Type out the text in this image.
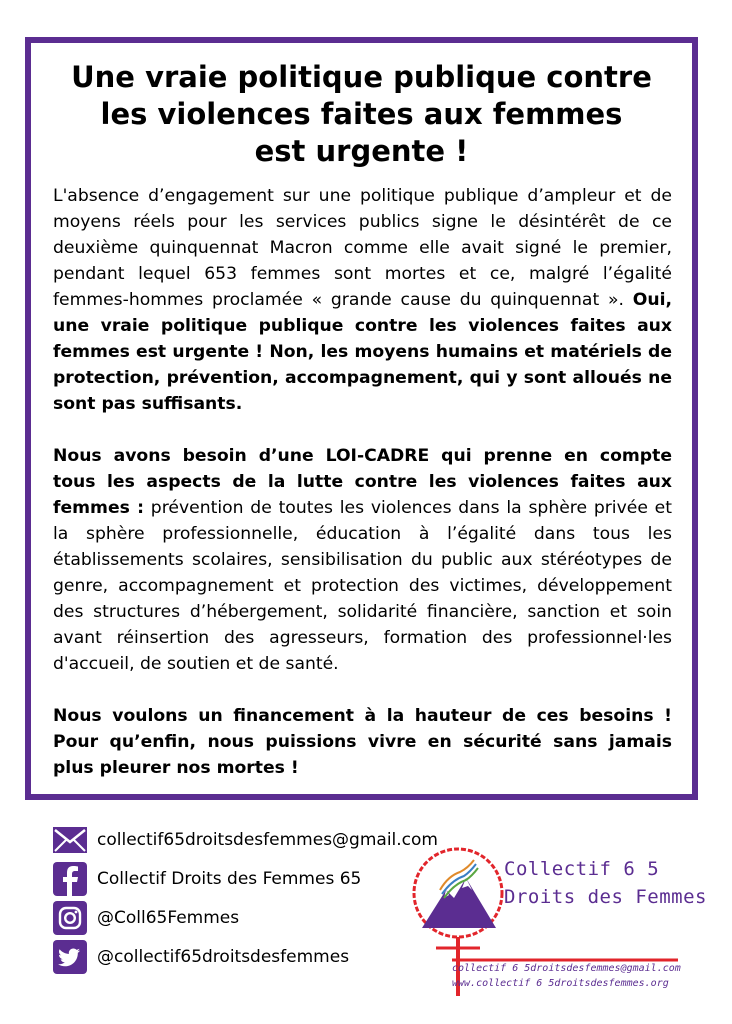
Une vraie politique publique contre les violences faites aux femmes est urgente !

L'absence d’engagement sur une politique publique d’ampleur et de moyens réels pour les services publics signe le désintérêt de ce deuxième quinquennat Macron comme elle avait signé le premier, pendant lequel 653 femmes sont mortes et ce, malgré l’égalité femmes-hommes proclamée « grande cause du quinquennat ». Oui, une vraie politique publique contre les violences faites aux femmes est urgente ! Non, les moyens humains et matériels de protection, prévention, accompagnement, qui y sont alloués ne sont pas suffisants.

Nous avons besoin d’une LOI-CADRE qui prenne en compte tous les aspects de la lutte contre les violences faites aux femmes : prévention de toutes les violences dans la sphère privée et la sphère professionnelle, éducation à l’égalité dans tous les établissements scolaires, sensibilisation du public aux stéréotypes de genre, accompagnement et protection des victimes, développement des structures d’hébergement, solidarité financière, sanction et soin avant réinsertion des agresseurs, formation des professionnel·les d'accueil, de soutien et de santé.

Nous voulons un financement à la hauteur de ces besoins ! Pour qu’enfin, nous puissions vivre en sécurité sans jamais plus pleurer nos mortes !

collectif65droitsdesfemmes@gmail.com
Collectif Droits des Femmes 65
@Coll65Femmes
@collectif65droitsdesfemmes
Collectif 6 5
Droits des Femmes
collectif 6 5droitsdesfemmes@gmail.com
www.collectif 6 5droitsdesfemmes.org
